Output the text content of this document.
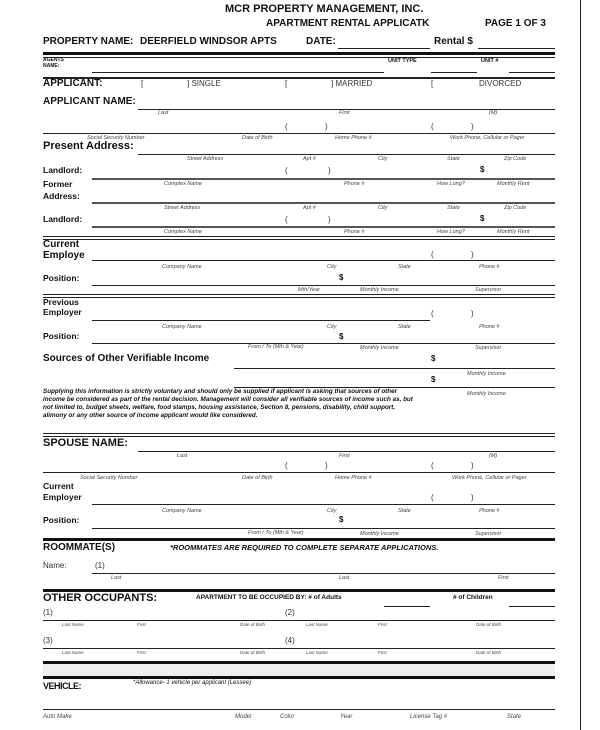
MCR PROPERTY MANAGEMENT, INC.
APARTMENT RENTAL APPLICATK	PAGE 1 OF 3
PROPERTY NAME: DEERFIELD WINDSOR APTS	DATE:	Rental $
AGENTS
NAME:
UNIT TYPE	UNIT #
APPLICANT:	[	] SINGLE	[	] MARRIED	[	DIVORCED
APPLICANT NAME:
Last	First	(M)
(	)	(	)
Social Security Number	Date of Birth	Home Phone #	Work Phone, Cellular or Pager
Present Address:
Street Address	Apt #	City	State	Zip Code
Landlord:	(	)	$
Complex Name	Phone #	How Long?	Monthly Rent
Former
Address:
Street Address	Apt #	City	State	Zip Code
Landlord:	(	)	$
Complex Name	Phone #	How Long?	Monthly Rent
Current
Employe	(	)
Company Name	City	State	Phone #
Position:	$
Mth/Year	Monthly Income	Supervisor
Previous
Employer	(	)
Company Name	City	State	Phone #
Position:	$
From / To (Mth & Year)	Monthly Income	Supervisor
Sources of Other Verifiable Income	$
Monthly Income
$
Monthly Income
Supplying this information is strictly voluntary and should only be supplied if applicant is asking that sources of other income be considered as part of the rental decision. Management will consider all verifiable sources of income such as, but not limited to, budget sheets, welfare, food stamps, housing assistance, Section 8, pensions, disability, child support, alimony or any other source of income applicant would like considered.
SPOUSE NAME:
Last	First	(M)
(	)	(	)
Social Security Number	Date of Birth	Home Phone #	Work Phone, Cellular or Pager
Current
Employer	(	)
Company Name	City	State	Phone #
Position:	$
From / To (Mth & Year)	Monthly Income	Supervisor
ROOMMATE(S)	*ROOMMATES ARE REQUIRED TO COMPLETE SEPARATE APPLICATIONS.
Name:	(1)
Last	Last	First
OTHER OCCUPANTS:	APARTMENT TO BE OCCUPIED BY: # of Adults	# of Children
(1)	(2)
Last Name	First	Date of Birth	Last Name	First	Date of Birth
(3)	(4)
Last Name	First	Date of Birth	Last Name	First	Date of Birth
VEHICLE:	*Allowance- 1 vehicle per applicant (Lessee)
Auto Make	Model	Color	Year	License Tag #	State
